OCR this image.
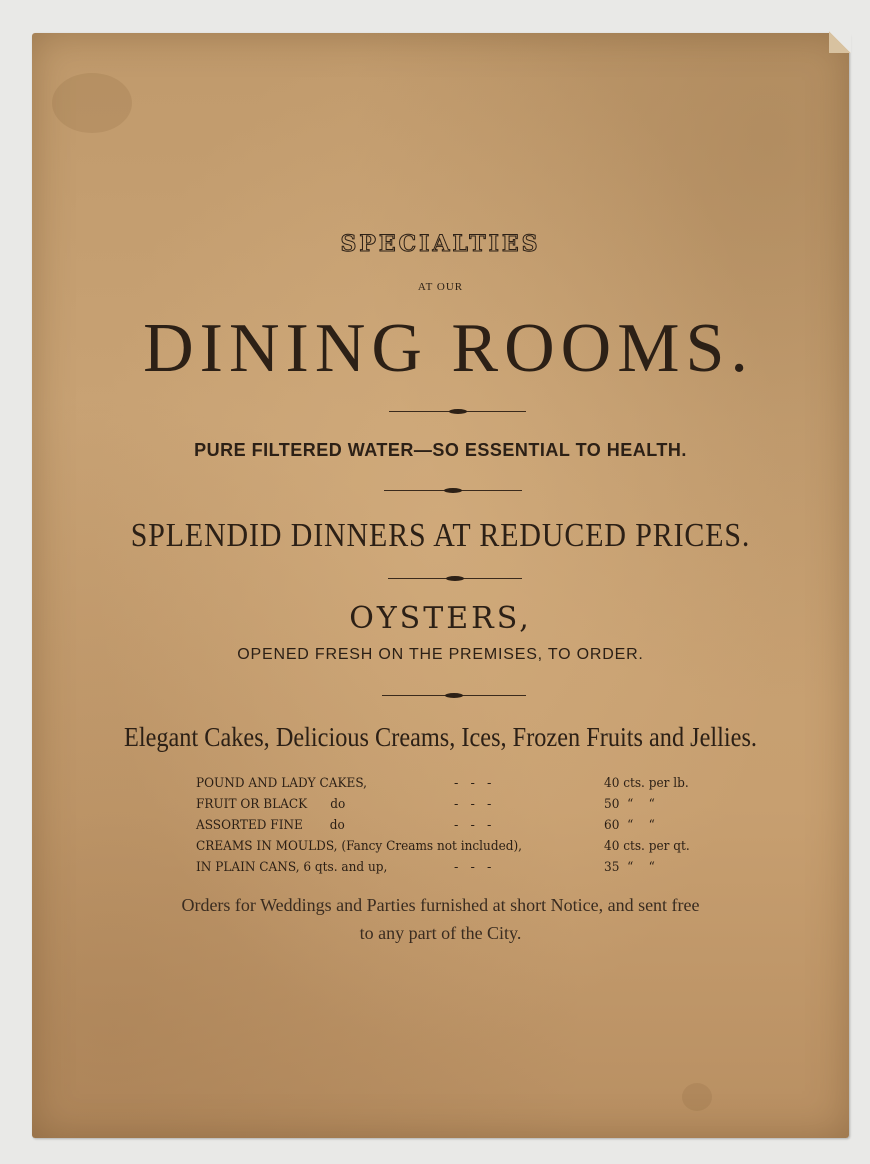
SPECIALTIES
AT OUR
DINING ROOMS.
PURE FILTERED WATER—SO ESSENTIAL TO HEALTH.
SPLENDID DINNERS AT REDUCED PRICES.
OYSTERS,
OPENED FRESH ON THE PREMISES, TO ORDER.
Elegant Cakes, Delicious Creams, Ices, Frozen Fruits and Jellies.
POUND AND LADY CAKES,	- - -	40 cts. per lb.
FRUIT OR BLACK      do	- - -	50  “    “
ASSORTED FINE       do	- - -	60  “    “
CREAMS IN MOULDS, (Fancy Creams not included),	40 cts. per qt.
IN PLAIN CANS, 6 qts. and up,	- - -	35  “    “
Orders for Weddings and Parties furnished at short Notice, and sent free
to any part of the City.
